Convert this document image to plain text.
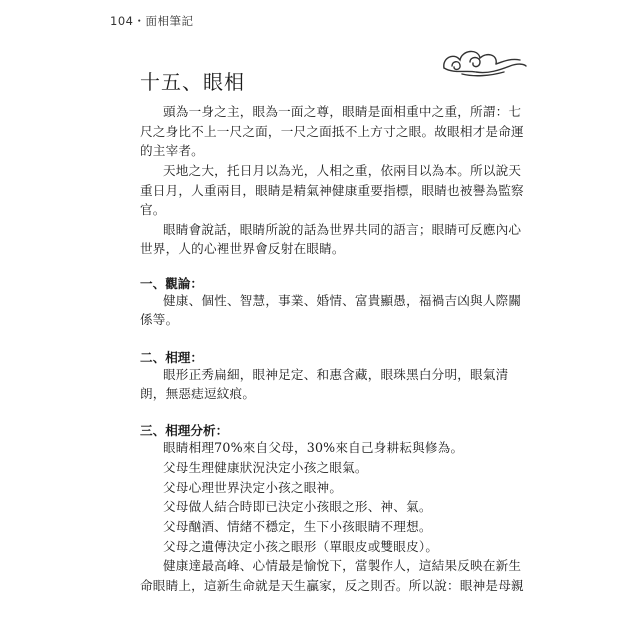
104・面相筆記
十五、眼相
頭為一身之主，眼為一面之尊，眼睛是面相重中之重，所謂：七
尺之身比不上一尺之面，一尺之面抵不上方寸之眼。故眼相才是命運
的主宰者。
天地之大，托日月以為光，人相之重，依兩目以為本。所以說天
重日月，人重兩目，眼睛是精氣神健康重要指標，眼睛也被譽為監察
官。
眼睛會說話，眼睛所說的話為世界共同的語言；眼睛可反應內心
世界，人的心裡世界會反射在眼睛。
一、觀論：
健康、個性、智慧，事業、婚情、富貴顯愚，福禍吉凶與人際關
係等。
二、相理：
眼形正秀扁細，眼神足定、和惠含藏，眼珠黑白分明，眼氣清
朗，無惡痣逗紋痕。
三、相理分析：
眼睛相理70%來自父母，30%來自己身耕耘與修為。
父母生理健康狀況決定小孩之眼氣。
父母心理世界決定小孩之眼神。
父母做人結合時即已決定小孩眼之形、神、氣。
父母酗酒、情緒不穩定，生下小孩眼睛不理想。
父母之遺傳決定小孩之眼形（單眼皮或雙眼皮）。
健康達最高峰、心情最是愉悅下，當製作人，這結果反映在新生
命眼睛上，這新生命就是天生贏家，反之則否。所以說：眼神是母親
